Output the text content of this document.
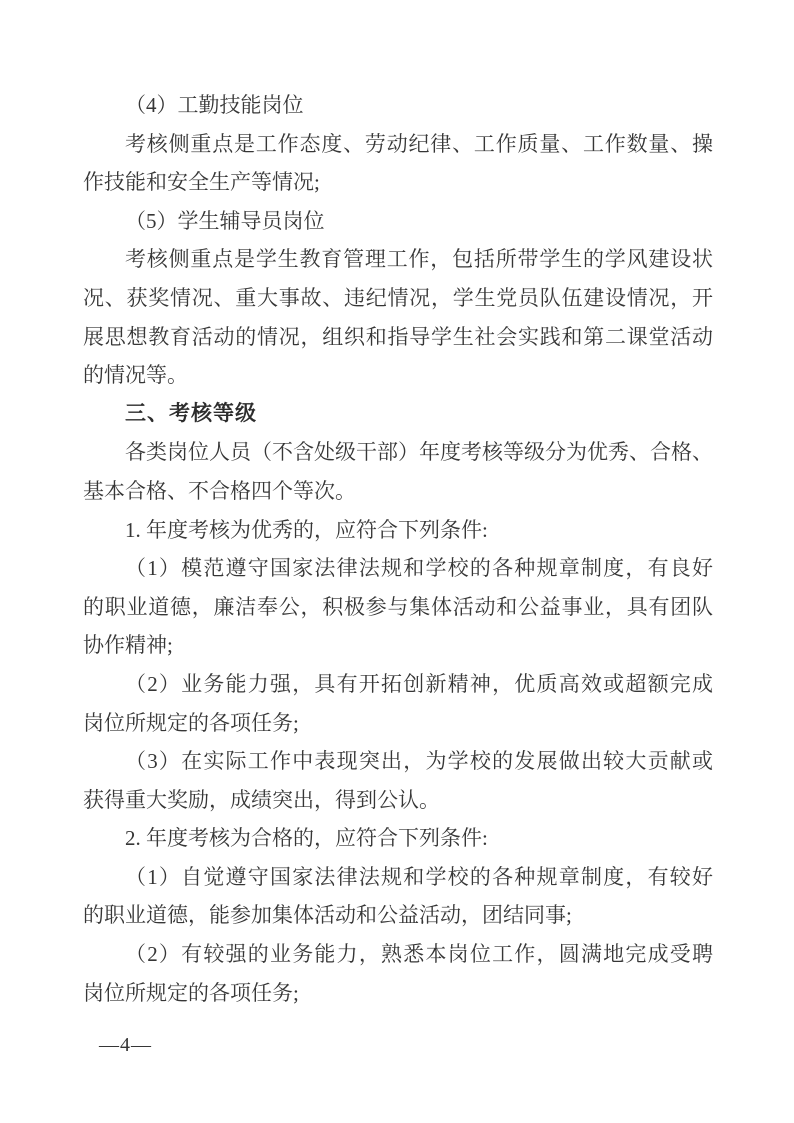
（4）工勤技能岗位
考核侧重点是工作态度、劳动纪律、工作质量、工作数量、操
作技能和安全生产等情况;
（5）学生辅导员岗位
考核侧重点是学生教育管理工作，包括所带学生的学风建设状
况、获奖情况、重大事故、违纪情况，学生党员队伍建设情况，开
展思想教育活动的情况，组织和指导学生社会实践和第二课堂活动
的情况等。
三、考核等级
各类岗位人员（不含处级干部）年度考核等级分为优秀、合格、
基本合格、不合格四个等次。
1. 年度考核为优秀的，应符合下列条件:
（1）模范遵守国家法律法规和学校的各种规章制度，有良好
的职业道德，廉洁奉公，积极参与集体活动和公益事业，具有团队
协作精神;
（2）业务能力强，具有开拓创新精神，优质高效或超额完成
岗位所规定的各项任务;
（3）在实际工作中表现突出，为学校的发展做出较大贡献或
获得重大奖励，成绩突出，得到公认。
2. 年度考核为合格的，应符合下列条件:
（1）自觉遵守国家法律法规和学校的各种规章制度，有较好
的职业道德，能参加集体活动和公益活动，团结同事;
（2）有较强的业务能力，熟悉本岗位工作，圆满地完成受聘
岗位所规定的各项任务;
—4—
